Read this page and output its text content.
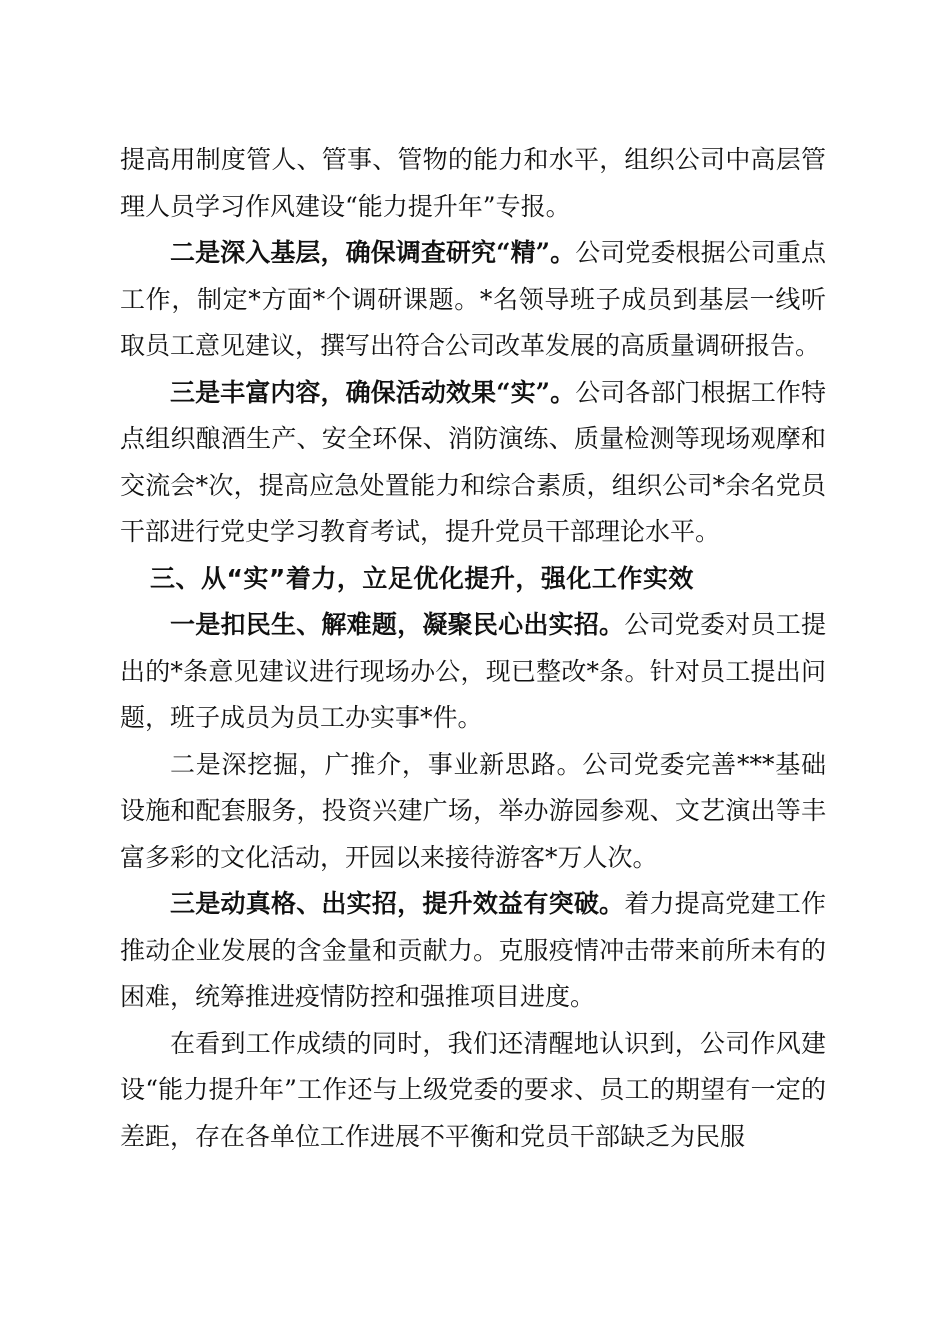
提高用制度管人、管事、管物的能力和水平，组织公司中高层管理人员学习作风建设“能力提升年”专报。

二是深入基层，确保调查研究“精”。公司党委根据公司重点工作，制定*方面*个调研课题。*名领导班子成员到基层一线听取员工意见建议，撰写出符合公司改革发展的高质量调研报告。

三是丰富内容，确保活动效果“实”。公司各部门根据工作特点组织酿酒生产、安全环保、消防演练、质量检测等现场观摩和交流会*次，提高应急处置能力和综合素质，组织公司*余名党员干部进行党史学习教育考试，提升党员干部理论水平。

三、从“实”着力，立足优化提升，强化工作实效

一是扣民生、解难题，凝聚民心出实招。公司党委对员工提出的*条意见建议进行现场办公，现已整改*条。针对员工提出问题，班子成员为员工办实事*件。

二是深挖掘，广推介，事业新思路。公司党委完善***基础设施和配套服务，投资兴建广场，举办游园参观、文艺演出等丰富多彩的文化活动，开园以来接待游客*万人次。

三是动真格、出实招，提升效益有突破。着力提高党建工作推动企业发展的含金量和贡献力。克服疫情冲击带来前所未有的困难，统筹推进疫情防控和强推项目进度。

在看到工作成绩的同时，我们还清醒地认识到，公司作风建设“能力提升年”工作还与上级党委的要求、员工的期望有一定的差距，存在各单位工作进展不平衡和党员干部缺乏为民服
